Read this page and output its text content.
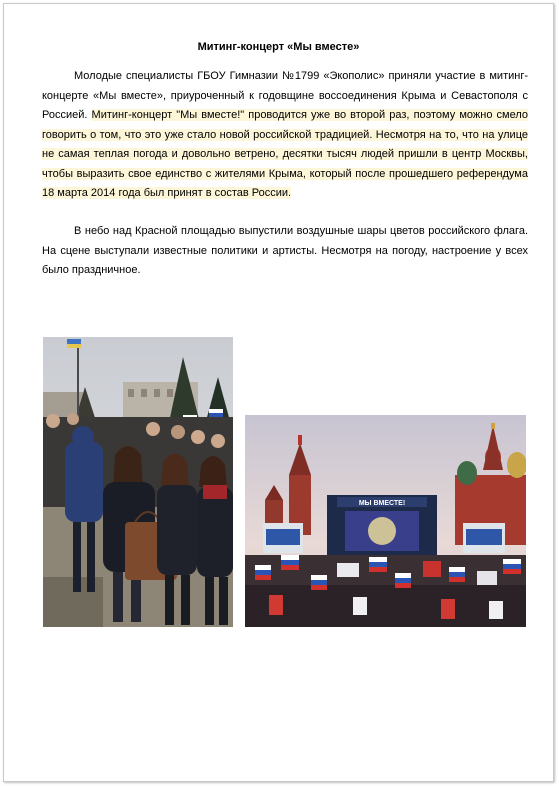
Митинг-концерт «Мы вместе»
Молодые специалисты ГБОУ Гимназии №1799 «Экополис» приняли участие в митинг-концерте «Мы вместе», приуроченный к годовщине воссоединения Крыма и Севастополя с Россией. Митинг-концерт "Мы вместе!" проводится уже во второй раз, поэтому можно смело говорить о том, что это уже стало новой российской традицией. Несмотря на то, что на улице не самая теплая погода и довольно ветрено, десятки тысяч людей пришли в центр Москвы, чтобы выразить свое единство с жителями Крыма, который после прошедшего референдума 18 марта 2014 года был принят в состав России.
В небо над Красной площадью выпустили воздушные шары цветов российского флага. На сцене выступали известные политики и артисты. Несмотря на погоду, настроение у всех было праздничное.
МЫ ВМЕСТЕ!
